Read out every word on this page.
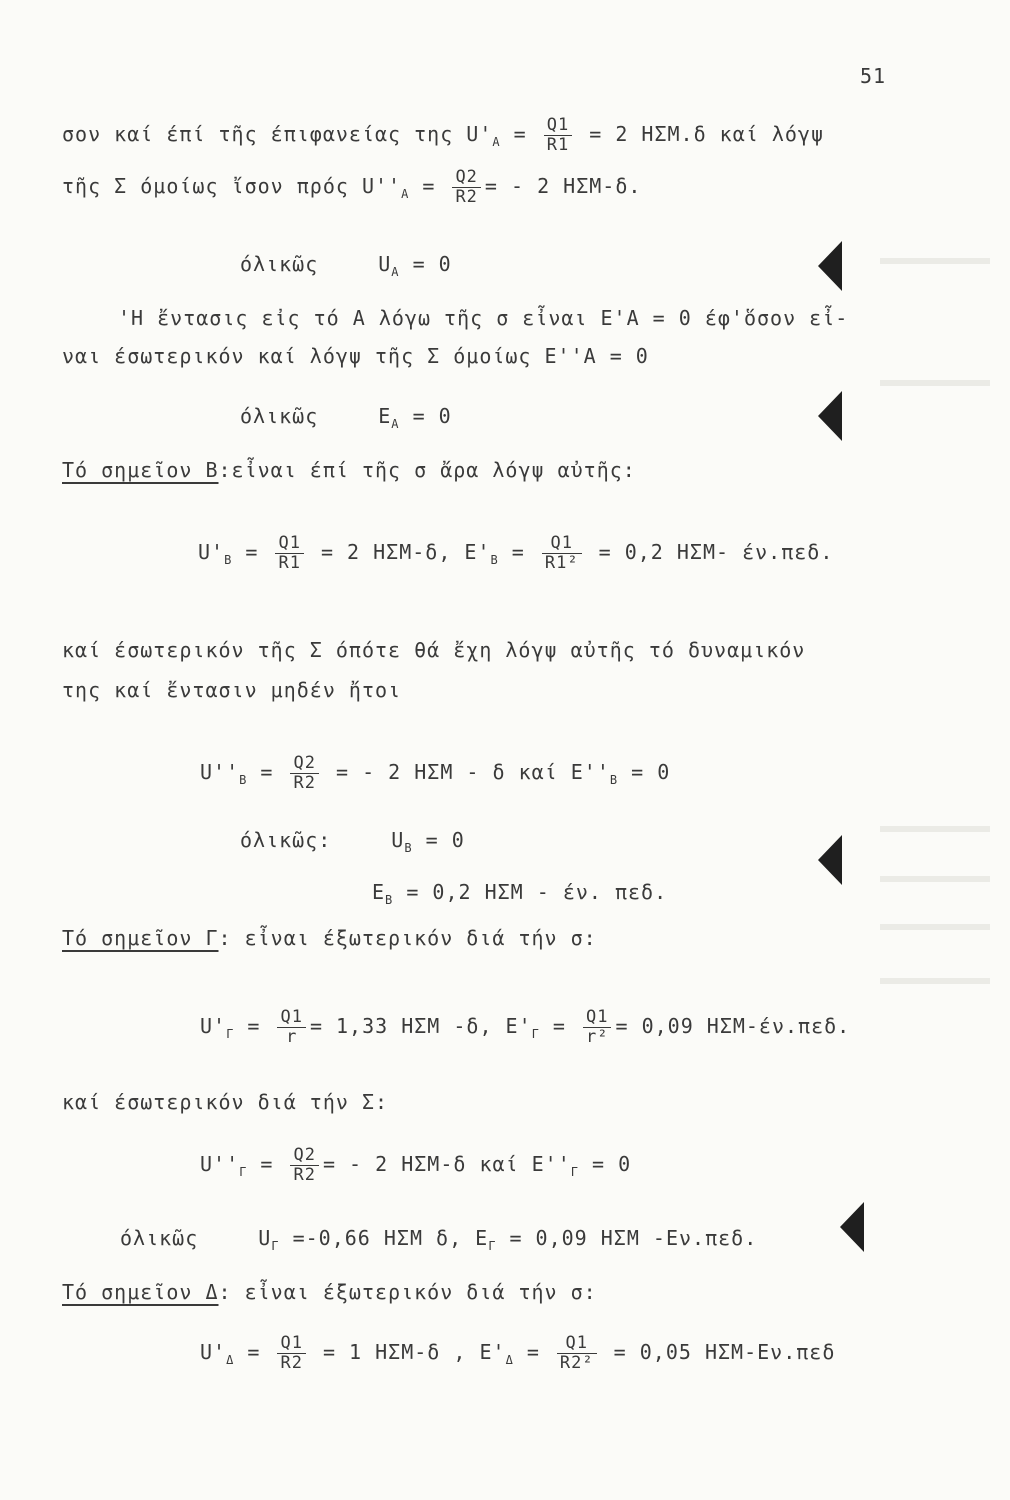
51
σον καί έπί τῆς έπιφανείας της $U'_A = \frac{Q1}{R1} = 2$ ΗΣΜ.δ καί λόγψ
τῆς Σ όμοίως ἴσον πρός $U''_A = \frac{Q2}{R2}$ = - 2 ΗΣΜ-δ.
όλικῶς	$U_A = 0$
'Η ἔντασις εἰς τό Α λόγω τῆς σ εἶναι E'A = 0 έφ'ὅσον εἶ-
ναι έσωτερικόν καί λόγψ τῆς Σ όμοίως E''A = 0
όλικῶς	$E_A = 0$
Τό σημεῖον Β:εἶναι έπί τῆς σ ἄρα λόγψ αὐτῆς:
$U'_B = \frac{Q1}{R1} = 2$ ΗΣΜ-δ, $E'_B = \frac{Q1}{\text{R1²}} = 0,2$ ΗΣΜ- έν.πεδ.
καί έσωτερικόν τῆς Σ όπότε θά ἔχη λόγψ αὐτῆς τό δυναμικόν
της καί ἔντασιν μηδέν ἤτοι
$U''_B = \frac{Q2}{R2}$ = - 2 ΗΣΜ - δ καί $E''_B = 0$
όλικῶς:	$U_B = 0$
$E_B = 0,2$ ΗΣΜ - έν. πεδ.
Τό σημεῖον Γ: εἶναι έξωτερικόν διά τήν σ:
$U'_\Gamma = \frac{Q1}{r} = 1,33$ ΗΣΜ -δ, $E'_\Gamma = \frac{Q1}{\text{r²}} = 0,09$ ΗΣΜ-έν.πεδ.
καί έσωτερικόν διά τήν Σ:
$U''_\Gamma = \frac{Q2}{R2}$ = - 2 ΗΣΜ-δ καί $E''_\Gamma = 0$
όλικῶς	$U_\Gamma =-0,66$ ΗΣΜ δ, $E_\Gamma = 0,09$ ΗΣΜ -Εν.πεδ.
Τό σημεῖον Δ: εἶναι έξωτερικόν διά τήν σ:
$U'_\Delta = \frac{Q1}{R2} = 1$ ΗΣΜ-δ , $E'_\Delta = \frac{Q1}{\text{R2²}} = 0,05$ ΗΣΜ-Εν.πεδ
